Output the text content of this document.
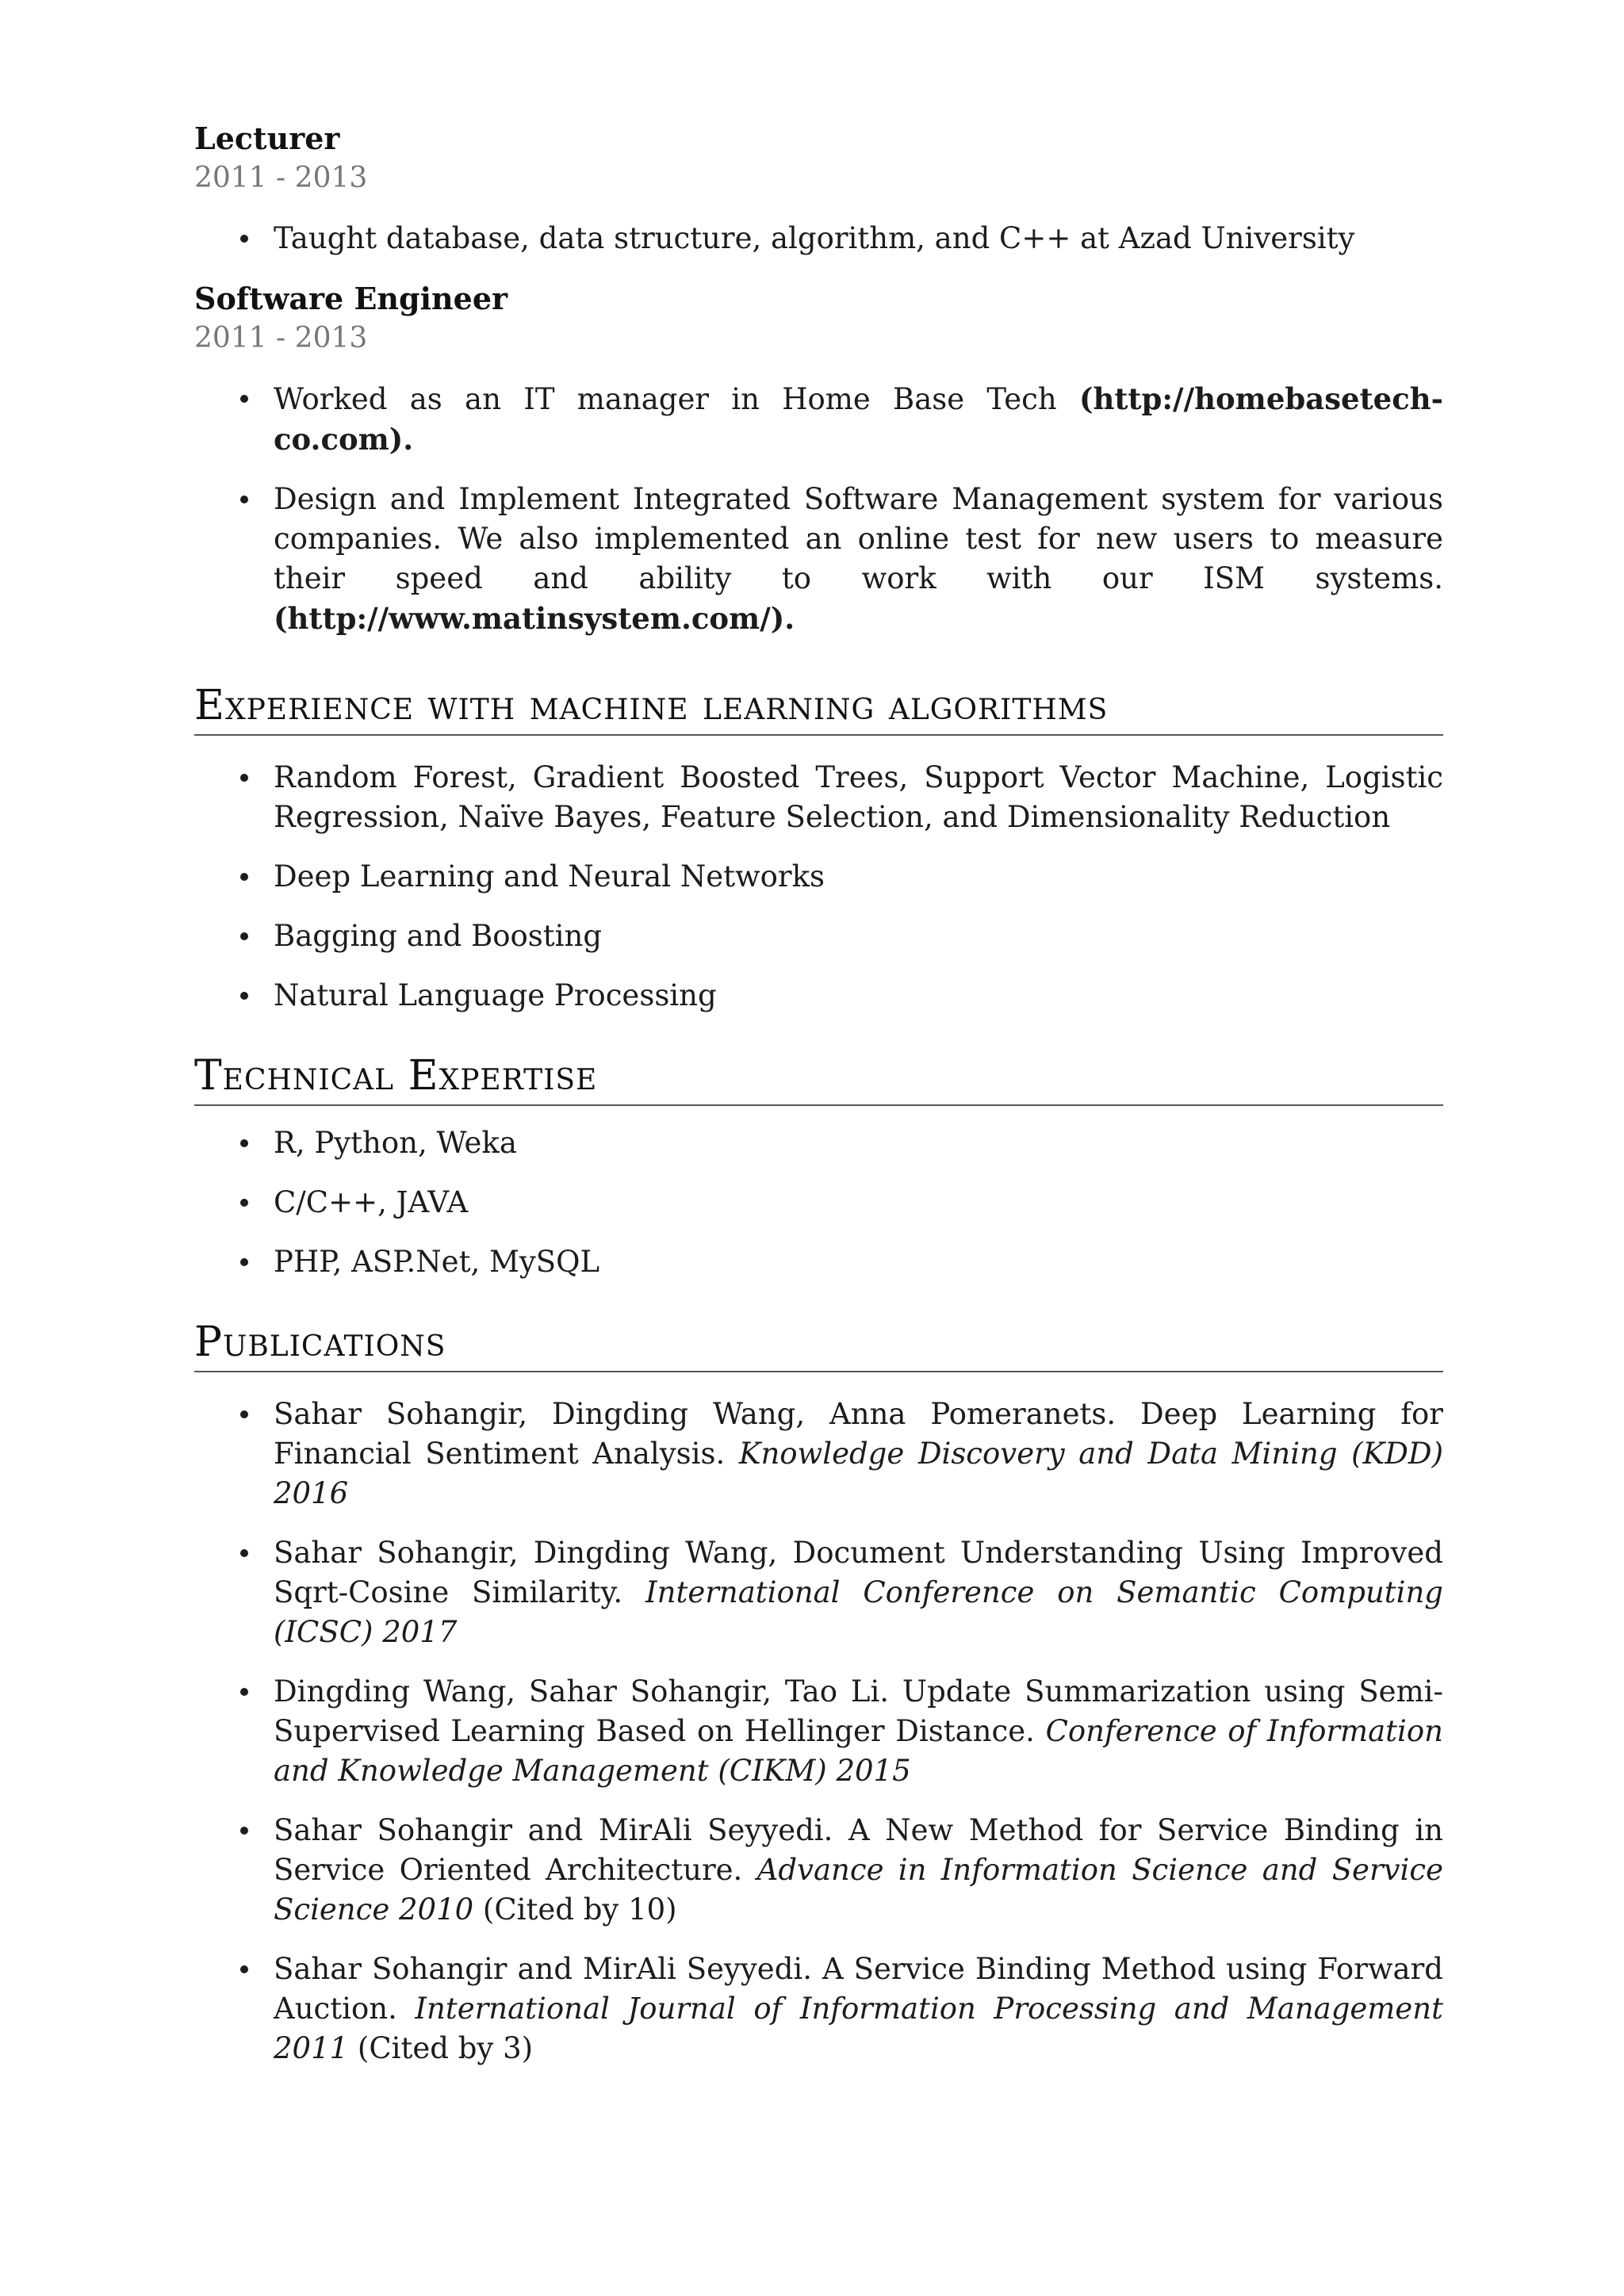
Lecturer
2011 - 2013
Taught database, data structure, algorithm, and C++ at Azad University
Software Engineer
2011 - 2013
Worked as an IT manager in Home Base Tech (http://homebasetech-co.com).
Design and Implement Integrated Software Management system for various companies. We also implemented an online test for new users to measure their speed and ability to work with our ISM systems.(http://www.matinsystem.com/).
Experience with machine learning algorithms
Random Forest, Gradient Boosted Trees, Support Vector Machine, Logistic Regression, Naïve Bayes, Feature Selection, and Dimensionality Reduction
Deep Learning and Neural Networks
Bagging and Boosting
Natural Language Processing
Technical Expertise
R, Python, Weka
C/C++, JAVA
PHP, ASP.Net, MySQL
Publications
Sahar Sohangir, Dingding Wang, Anna Pomeranets. Deep Learning for Financial Sentiment Analysis. Knowledge Discovery and Data Mining (KDD) 2016
Sahar Sohangir, Dingding Wang, Document Understanding Using Improved Sqrt-Cosine Similarity. International Conference on Semantic Computing (ICSC) 2017
Dingding Wang, Sahar Sohangir, Tao Li. Update Summarization using Semi-Supervised Learning Based on Hellinger Distance. Conference of Information and Knowledge Management (CIKM) 2015
Sahar Sohangir and MirAli Seyyedi. A New Method for Service Binding in Service Oriented Architecture. Advance in Information Science and Service Science 2010 (Cited by 10)
Sahar Sohangir and MirAli Seyyedi. A Service Binding Method using Forward Auction. International Journal of Information Processing and Management 2011 (Cited by 3)
